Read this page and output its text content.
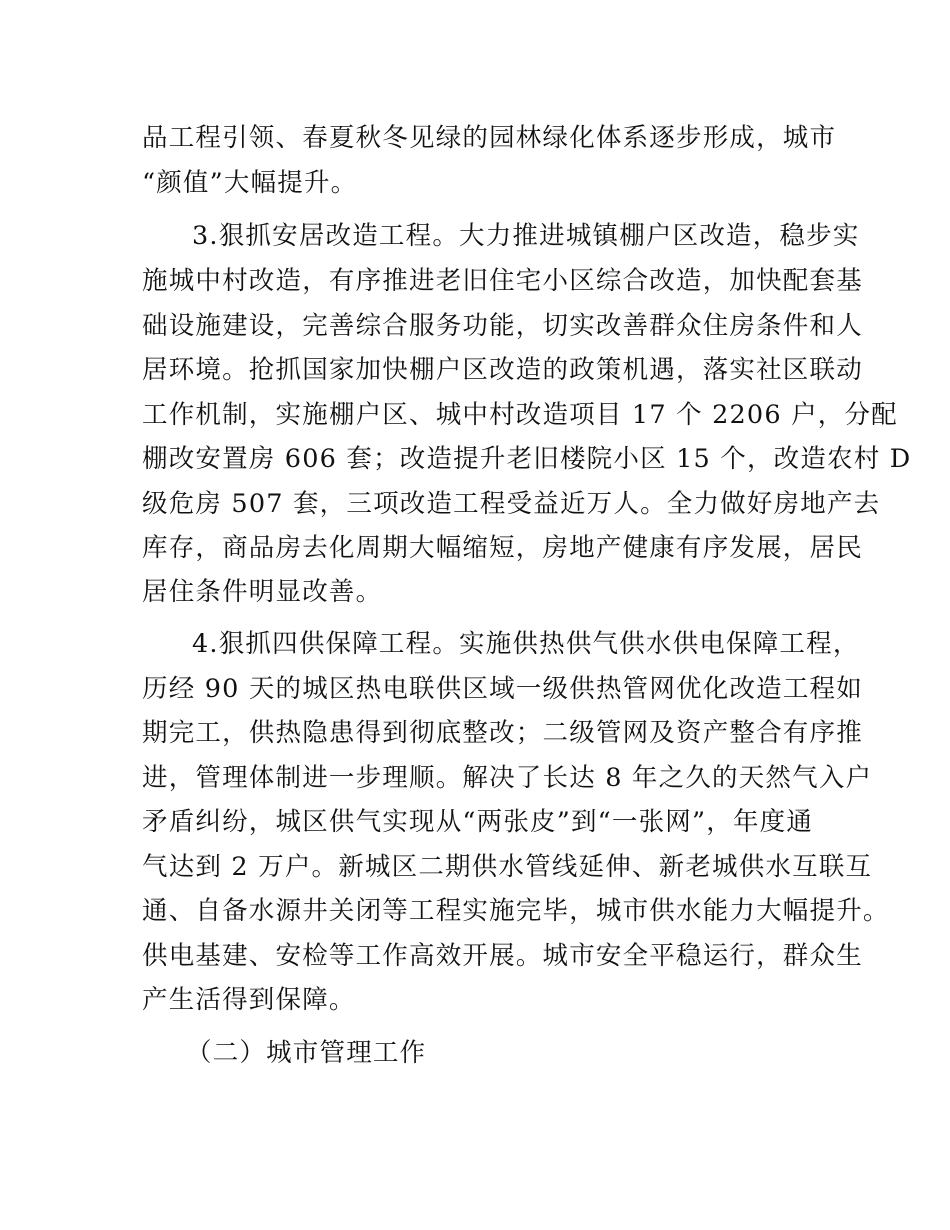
品工程引领、春夏秋冬见绿的园林绿化体系逐步形成，城市
“颜值”大幅提升。
3.狠抓安居改造工程。大力推进城镇棚户区改造，稳步实
施城中村改造，有序推进老旧住宅小区综合改造，加快配套基
础设施建设，完善综合服务功能，切实改善群众住房条件和人
居环境。抢抓国家加快棚户区改造的政策机遇，落实社区联动
工作机制，实施棚户区、城中村改造项目 17 个 2206 户，分配
棚改安置房 606 套；改造提升老旧楼院小区 15 个，改造农村 D
级危房 507 套，三项改造工程受益近万人。全力做好房地产去
库存，商品房去化周期大幅缩短，房地产健康有序发展，居民
居住条件明显改善。
4.狠抓四供保障工程。实施供热供气供水供电保障工程，
历经 90 天的城区热电联供区域一级供热管网优化改造工程如
期完工，供热隐患得到彻底整改；二级管网及资产整合有序推
进，管理体制进一步理顺。解决了长达 8 年之久的天然气入户
矛盾纠纷，城区供气实现从“两张皮”到“一张网”，年度通
气达到 2 万户。新城区二期供水管线延伸、新老城供水互联互
通、自备水源井关闭等工程实施完毕，城市供水能力大幅提升。
供电基建、安检等工作高效开展。城市安全平稳运行，群众生
产生活得到保障。
（二）城市管理工作
